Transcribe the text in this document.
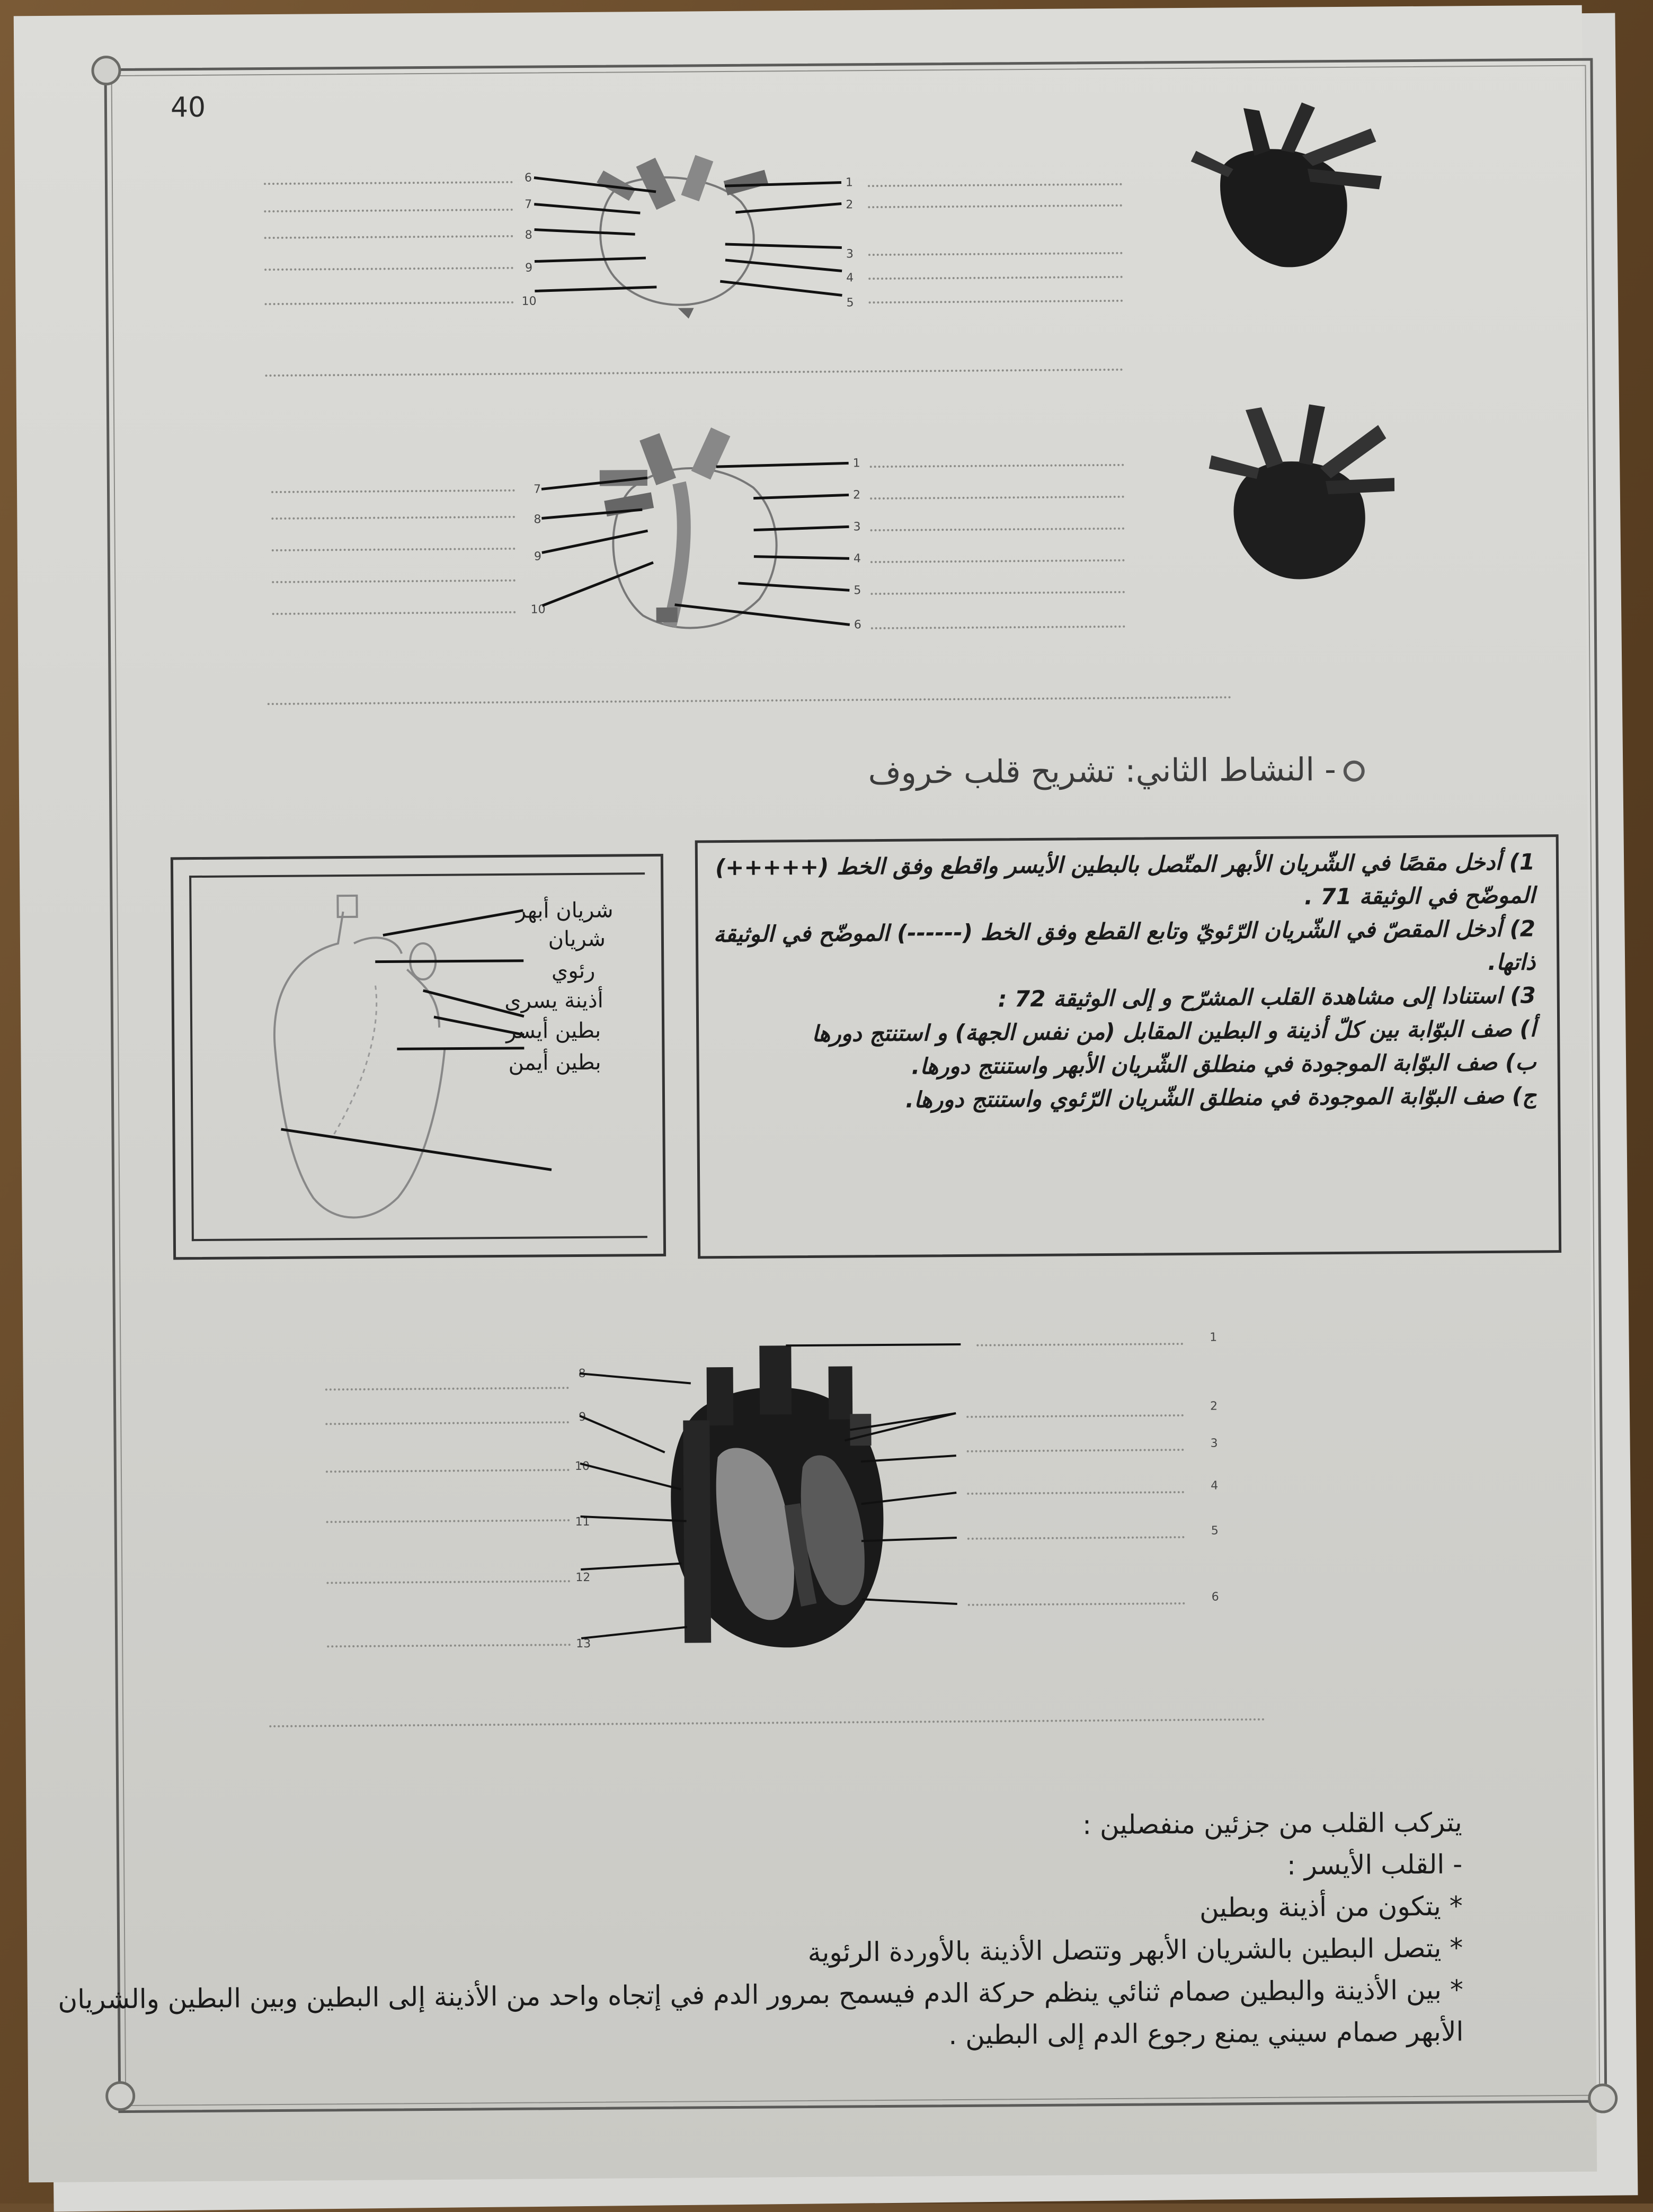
40
6
7
8
9
10
1
2
3
4
5
7
8
9
10
1
2
3
4
5
6
- النشاط الثاني: تشريح قلب خروف
شريان أبهر
شريان
رئوي
أذينة يسرى
بطين أيسر
بطين أيمن
1) أدخل مقصًا في الشّريان الأبهر المتّصل بالبطين الأيسر واقطع وفق الخط (+++++) الموضّح في الوثيقة 71 .
2) أدخل المقصّ في الشّريان الرّئويّ وتابع القطع وفق الخط (------) الموضّح في الوثيقة ذاتها.
3) استنادا إلى مشاهدة القلب المشرّح و إلى الوثيقة 72 :
أ) صف البوّابة بين كلّ أذينة و البطين المقابل (من نفس الجهة) و استنتج دورها
ب) صف البوّابة الموجودة في منطلق الشّريان الأبهر واستنتج دورها.
ج) صف البوّابة الموجودة في منطلق الشّريان الرّئوي واستنتج دورها.
8
9
10
11
12
13
1
2
3
4
5
6

يتركب القلب من جزئين منفصلين :

- القلب الأيسر :

* يتكون من أذينة وبطين

* يتصل البطين بالشريان الأبهر وتتصل الأذينة بالأوردة الرئوية

* بين الأذينة والبطين صمام ثنائي ينظم حركة الدم فيسمح بمرور الدم في إتجاه واحد من الأذينة إلى البطين وبين البطين والشريان الأبهر صمام سيني يمنع رجوع الدم إلى البطين .
